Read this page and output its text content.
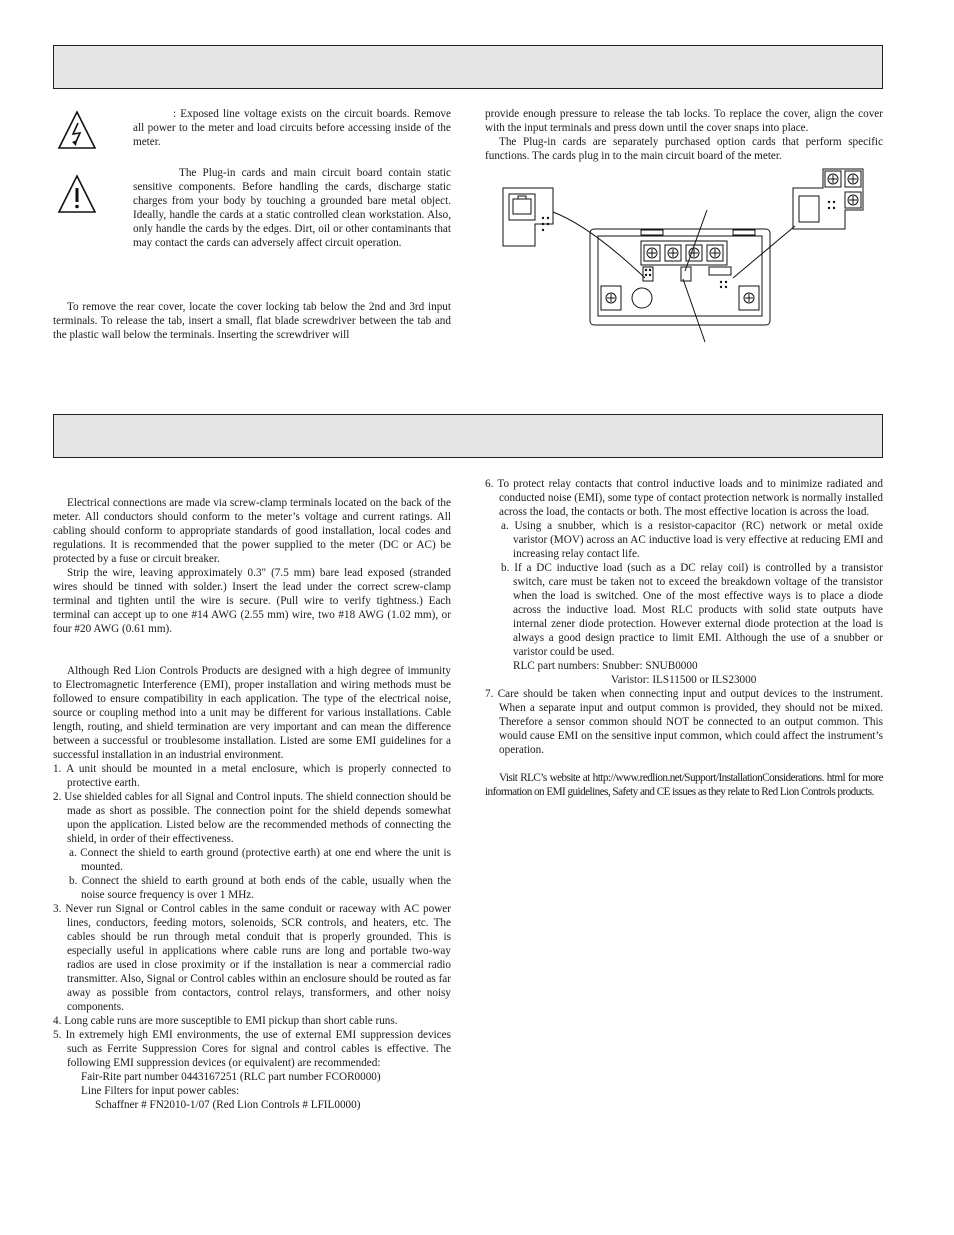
: Exposed line voltage exists on the circuit boards. Remove all power to the meter and load circuits before accessing inside of the meter.

The Plug-in cards and main circuit board contain static sensitive components. Before handling the cards, discharge static charges from your body by touching a grounded bare metal object. Ideally, handle the cards at a static controlled clean workstation. Also, only handle the cards by the edges. Dirt, oil or other contaminants that may contact the cards can adversely affect circuit operation.

To remove the rear cover, locate the cover locking tab below the 2nd and 3rd input terminals. To release the tab, insert a small, flat blade screwdriver between the tab and the plastic wall below the terminals. Inserting the screwdriver will

provide enough pressure to release the tab locks. To replace the cover, align the cover with the input terminals and press down until the cover snaps into place.

The Plug-in cards are separately purchased option cards that perform specific functions. The cards plug in to the main circuit board of the meter.

Electrical connections are made via screw-clamp terminals located on the back of the meter. All conductors should conform to the meter’s voltage and current ratings. All cabling should conform to appropriate standards of good installation, local codes and regulations. It is recommended that the power supplied to the meter (DC or AC) be protected by a fuse or circuit breaker.

Strip the wire, leaving approximately 0.3" (7.5 mm) bare lead exposed (stranded wires should be tinned with solder.) Insert the lead under the correct screw-clamp terminal and tighten until the wire is secure. (Pull wire to verify tightness.) Each terminal can accept up to one #14 AWG (2.55 mm) wire, two #18 AWG (1.02 mm), or four #20 AWG (0.61 mm).

Although Red Lion Controls Products are designed with a high degree of immunity to Electromagnetic Interference (EMI), proper installation and wiring methods must be followed to ensure compatibility in each application. The type of the electrical noise, source or coupling method into a unit may be different for various installations. Cable length, routing, and shield termination are very important and can mean the difference between a successful or troublesome installation. Listed are some EMI guidelines for a successful installation in an industrial environment.

1. A unit should be mounted in a metal enclosure, which is properly connected to protective earth.

2. Use shielded cables for all Signal and Control inputs. The shield connection should be made as short as possible. The connection point for the shield depends somewhat upon the application. Listed below are the recommended methods of connecting the shield, in order of their effectiveness.

a. Connect the shield to earth ground (protective earth) at one end where the unit is mounted.

b. Connect the shield to earth ground at both ends of the cable, usually when the noise source frequency is over 1 MHz.

3. Never run Signal or Control cables in the same conduit or raceway with AC power lines, conductors, feeding motors, solenoids, SCR controls, and heaters, etc. The cables should be run through metal conduit that is properly grounded. This is especially useful in applications where cable runs are long and portable two-way radios are used in close proximity or if the installation is near a commercial radio transmitter. Also, Signal or Control cables within an enclosure should be routed as far away as possible from contactors, control relays, transformers, and other noisy components.

4. Long cable runs are more susceptible to EMI pickup than short cable runs.

5. In extremely high EMI environments, the use of external EMI suppression devices such as Ferrite Suppression Cores for signal and control cables is effective. The following EMI suppression devices (or equivalent) are recommended:

Fair-Rite part number 0443167251 (RLC part number FCOR0000)

Line Filters for input power cables:

Schaffner # FN2010-1/07 (Red Lion Controls # LFIL0000)

6. To protect relay contacts that control inductive loads and to minimize radiated and conducted noise (EMI), some type of contact protection network is normally installed across the load, the contacts or both. The most effective location is across the load.

a. Using a snubber, which is a resistor-capacitor (RC) network or metal oxide varistor (MOV) across an AC inductive load is very effective at reducing EMI and increasing relay contact life.

b. If a DC inductive load (such as a DC relay coil) is controlled by a transistor switch, care must be taken not to exceed the breakdown voltage of the transistor when the load is switched. One of the most effective ways is to place a diode across the inductive load. Most RLC products with solid state outputs have internal zener diode protection. However external diode protection at the load is always a good design practice to limit EMI. Although the use of a snubber or varistor could be used.

RLC part numbers: Snubber: SNUB0000

Varistor: ILS11500 or ILS23000

7. Care should be taken when connecting input and output devices to the instrument. When a separate input and output common is provided, they should not be mixed. Therefore a sensor common should NOT be connected to an output common. This would cause EMI on the sensitive input common, which could affect the instrument’s operation.

Visit RLC’s website at http://www.redlion.net/Support/InstallationConsiderations. html for more information on EMI guidelines, Safety and CE issues as they relate to Red Lion Controls products.
